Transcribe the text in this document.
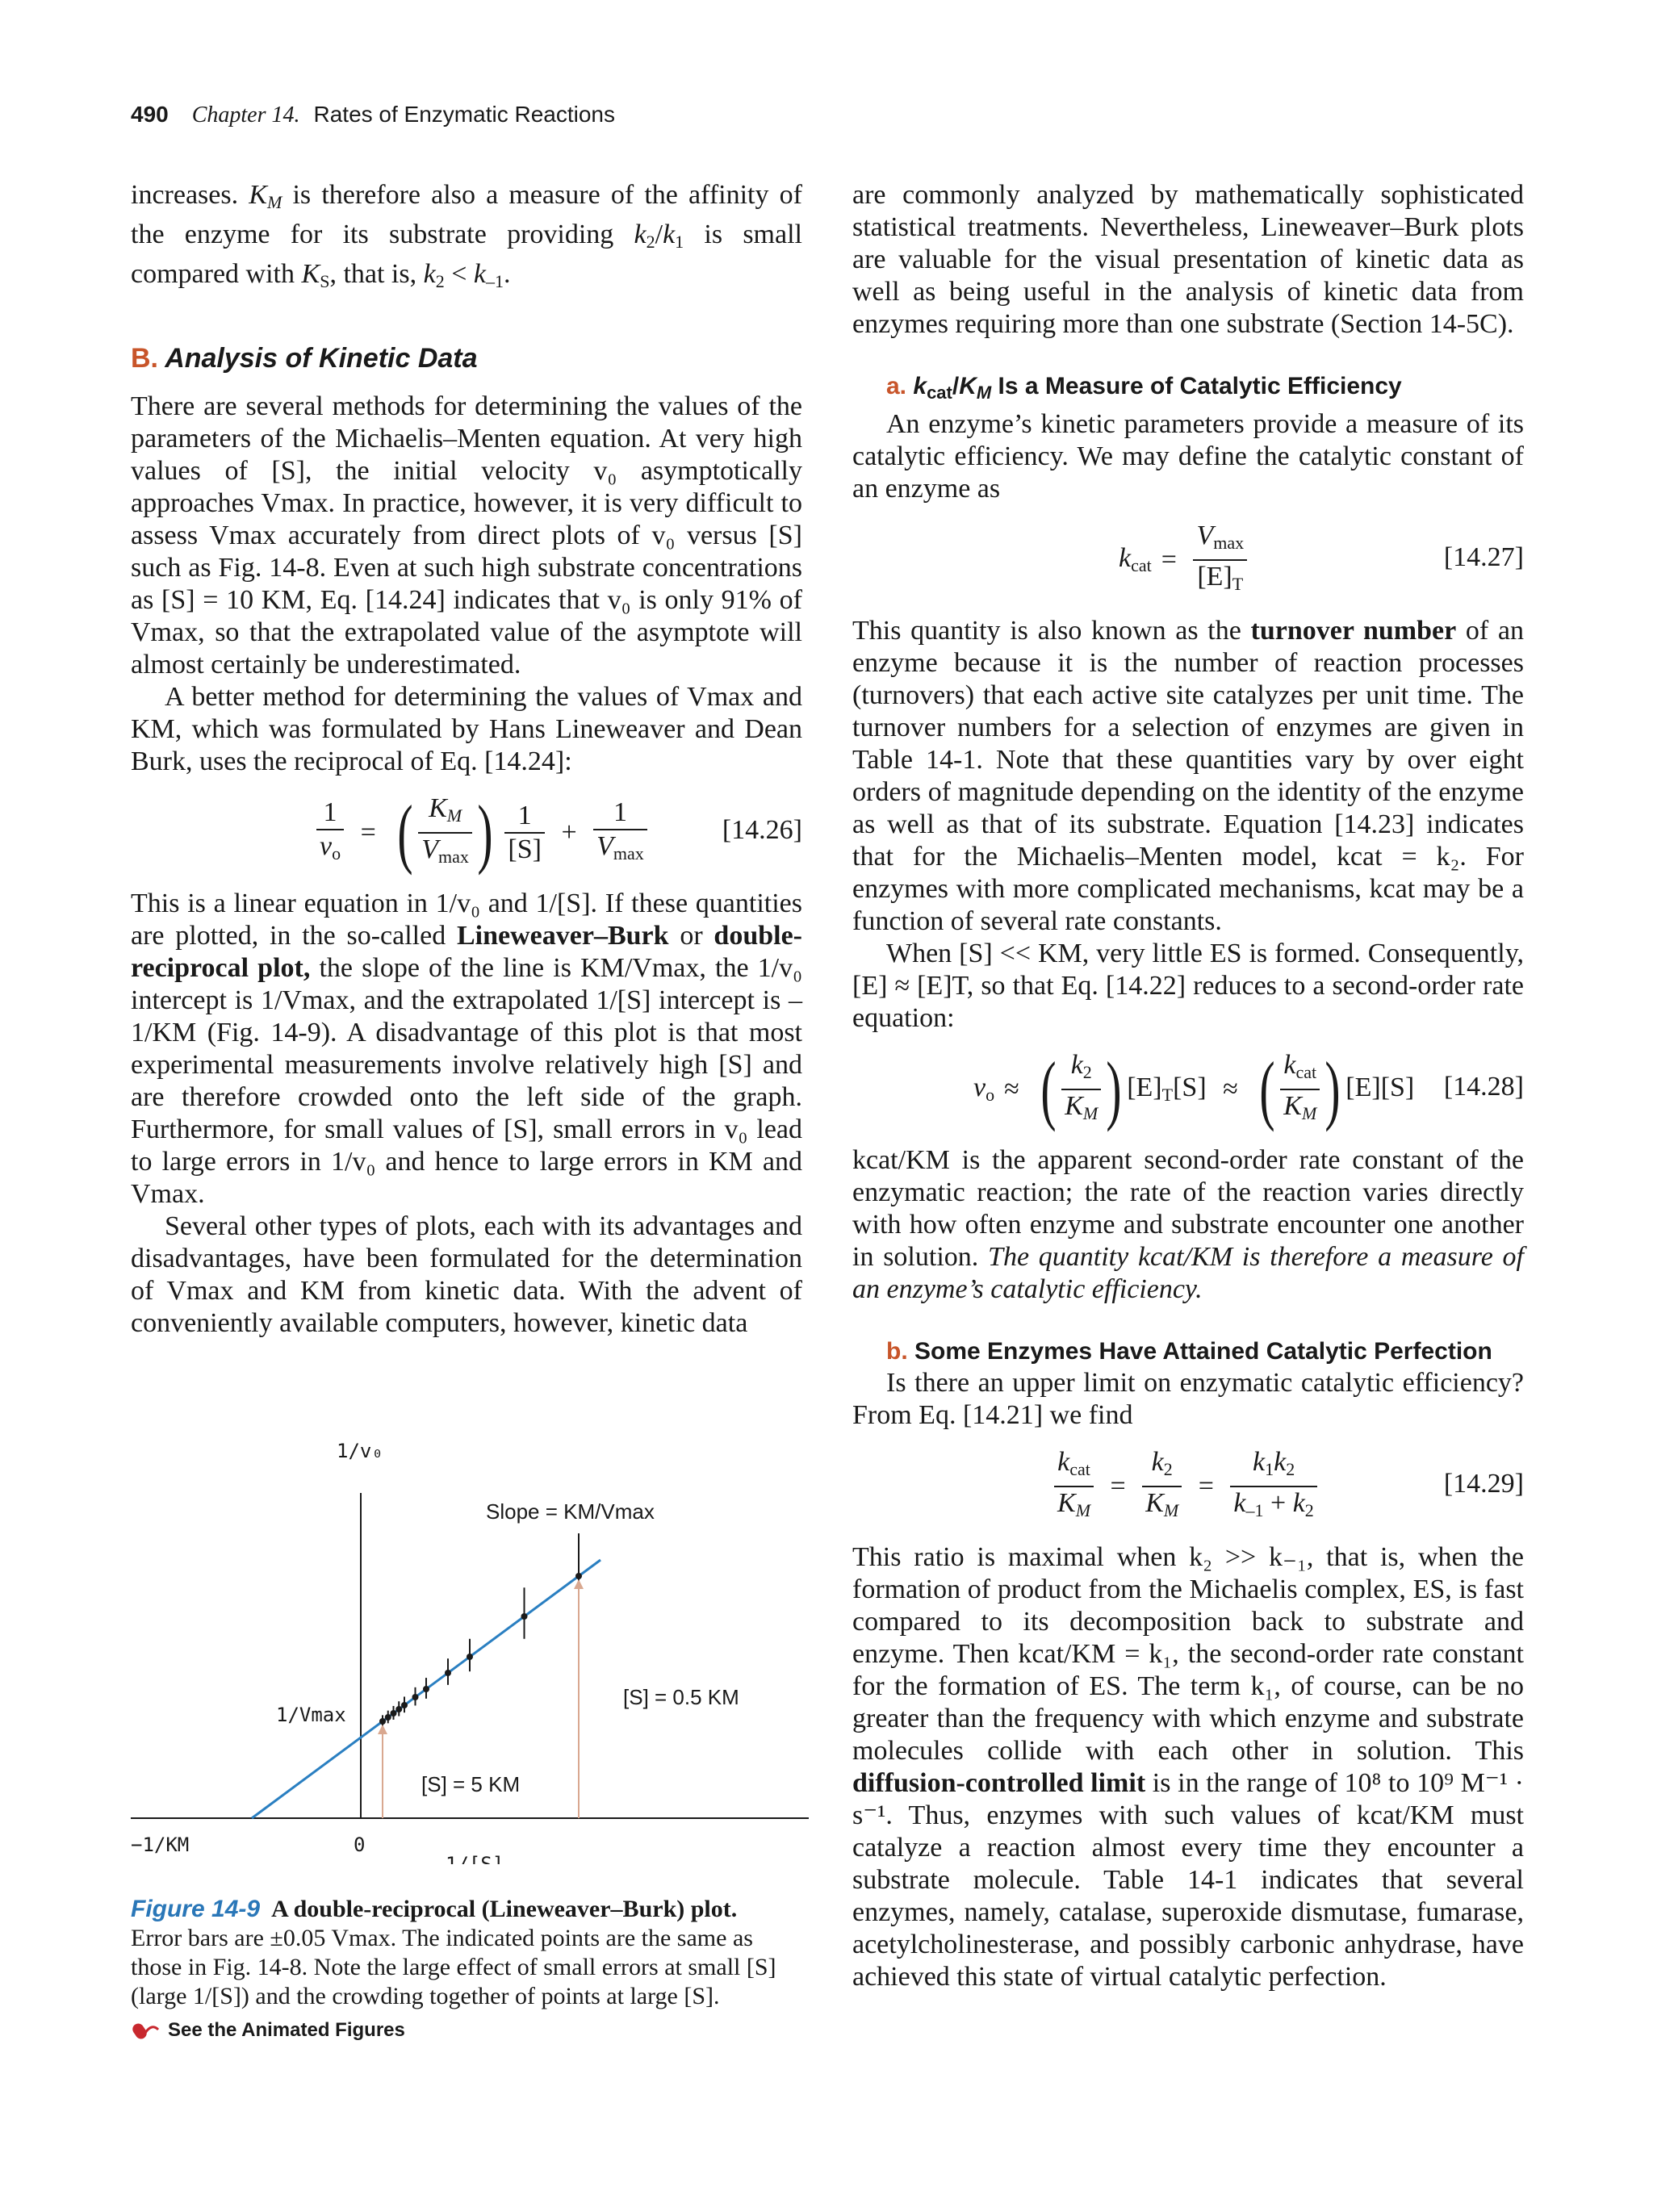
490 Chapter 14. Rates of Enzymatic Reactions

increases. $K_M$ is therefore also a measure of the affinity of the enzyme for its substrate providing $k_2/k_1$ is small compared with $K_S$, that is, $k_2 < k_{-1}$.

B. Analysis of Kinetic Data

There are several methods for determining the values of the parameters of the Michaelis–Menten equation. At very high values of [S], the initial velocity v₀ asymptotically approaches Vmax. In practice, however, it is very difficult to assess Vmax accurately from direct plots of v₀ versus [S] such as Fig. 14-8. Even at such high substrate concentrations as [S] = 10 KM, Eq. [14.24] indicates that v₀ is only 91% of Vmax, so that the extrapolated value of the asymptote will almost certainly be underestimated.

A better method for determining the values of Vmax and KM, which was formulated by Hans Lineweaver and Dean Burk, uses the reciprocal of Eq. [14.24]:

$\frac{1}{v_o}$ = ( $\frac{K_M}{V_{max}}$ ) $\frac{1}{[S]} + \frac{1}{V_{max}}$	[14.26]

This is a linear equation in 1/v₀ and 1/[S]. If these quantities are plotted, in the so-called Lineweaver–Burk or double-reciprocal plot, the slope of the line is KM/Vmax, the 1/v₀ intercept is 1/Vmax, and the extrapolated 1/[S] intercept is –1/KM (Fig. 14-9). A disadvantage of this plot is that most experimental measurements involve relatively high [S] and are therefore crowded onto the left side of the graph. Furthermore, for small values of [S], small errors in v₀ lead to large errors in 1/v₀ and hence to large errors in KM and Vmax.

Several other types of plots, each with its advantages and disadvantages, have been formulated for the determination of Vmax and KM from kinetic data. With the advent of conveniently available computers, however, kinetic data

are commonly analyzed by mathematically sophisticated statistical treatments. Nevertheless, Lineweaver–Burk plots are valuable for the visual presentation of kinetic data as well as being useful in the analysis of kinetic data from enzymes requiring more than one substrate (Section 14-5C).

a. $k_{cat}/K_M$ Is a Measure of Catalytic Efficiency

An enzyme’s kinetic parameters provide a measure of its catalytic efficiency. We may define the catalytic constant of an enzyme as

$k_{cat} = \frac{V_{max}}{[E]_T}$	[14.27]

This quantity is also known as the turnover number of an enzyme because it is the number of reaction processes (turnovers) that each active site catalyzes per unit time. The turnover numbers for a selection of enzymes are given in Table 14-1. Note that these quantities vary by over eight orders of magnitude depending on the identity of the enzyme as well as that of its substrate. Equation [14.23] indicates that for the Michaelis–Menten model, kcat = k₂. For enzymes with more complicated mechanisms, kcat may be a function of several rate constants.

When [S] << KM, very little ES is formed. Consequently, [E] ≈ [E]T, so that Eq. [14.22] reduces to a second-order rate equation:

$v_o$ ≈ ( $\frac{k_2}{K_M}$ ) $[E]_T[S]$ ≈ ( $\frac{k_{cat}}{K_M}$ ) [E][S] [14.28]

kcat/KM is the apparent second-order rate constant of the enzymatic reaction; the rate of the reaction varies directly with how often enzyme and substrate encounter one another in solution. The quantity kcat/KM is therefore a measure of an enzyme’s catalytic efficiency.

b. Some Enzymes Have Attained Catalytic Perfection

Is there an upper limit on enzymatic catalytic efficiency? From Eq. [14.21] we find

$\frac{k_{cat}}{K_M} = \frac{k_2}{K_M} = \frac{k_1k_2}{k_{-1} + k_2}$	[14.29]

This ratio is maximal when k₂ >> k₋₁, that is, when the formation of product from the Michaelis complex, ES, is fast compared to its decomposition back to substrate and enzyme. Then kcat/KM = k₁, the second-order rate constant for the formation of ES. The term k₁, of course, can be no greater than the frequency with which enzyme and substrate molecules collide with each other in solution. This diffusion-controlled limit is in the range of 10⁸ to 10⁹ M⁻¹ · s⁻¹. Thus, enzymes with such values of kcat/KM must catalyze a reaction almost every time they encounter a substrate molecule. Table 14-1 indicates that several enzymes, namely, catalase, superoxide dismutase, fumarase, acetylcholinesterase, and possibly carbonic anhydrase, have achieved this state of virtual catalytic perfection.

1/v₀
1/[S]
−1/KM	0
1/Vmax
Slope = KM/Vmax
[S] = 5 KM
[S] = 0.5 KM
Figure 14-9 A double-reciprocal (Lineweaver–Burk) plot. Error bars are ±0.05 Vmax. The indicated points are the same as those in Fig. 14-8. Note the large effect of small errors at small [S] (large 1/[S]) and the crowding together of points at large [S].
See the Animated Figures
